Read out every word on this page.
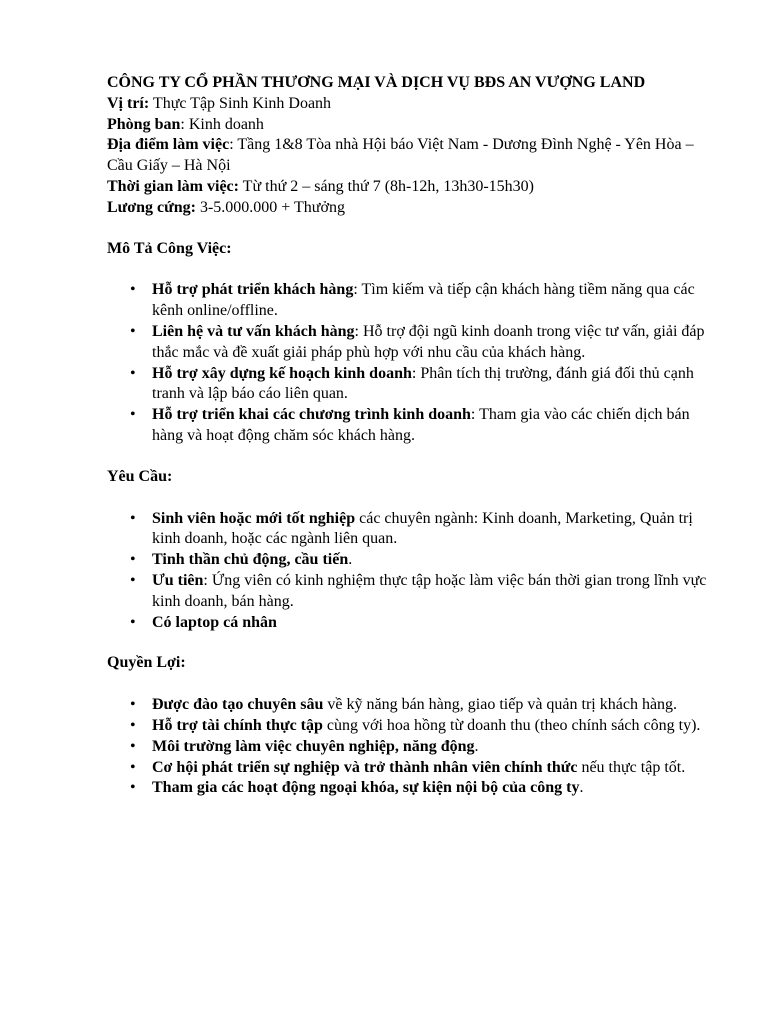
CÔNG TY CỔ PHẦN THƯƠNG MẠI VÀ DỊCH VỤ BĐS AN VƯỢNG LAND

Vị trí: Thực Tập Sinh Kinh Doanh

Phòng ban: Kinh doanh

Địa điểm làm việc: Tầng 1&8 Tòa nhà Hội báo Việt Nam - Dương Đình Nghệ - Yên Hòa – Cầu Giấy – Hà Nội

Thời gian làm việc: Từ thứ 2 – sáng thứ 7 (8h-12h, 13h30-15h30)

Lương cứng: 3-5.000.000 + Thưởng

Mô Tả Công Việc:

• Hỗ trợ phát triển khách hàng: Tìm kiếm và tiếp cận khách hàng tiềm năng qua các kênh online/offline.
• Liên hệ và tư vấn khách hàng: Hỗ trợ đội ngũ kinh doanh trong việc tư vấn, giải đáp thắc mắc và đề xuất giải pháp phù hợp với nhu cầu của khách hàng.
• Hỗ trợ xây dựng kế hoạch kinh doanh: Phân tích thị trường, đánh giá đối thủ cạnh tranh và lập báo cáo liên quan.
• Hỗ trợ triển khai các chương trình kinh doanh: Tham gia vào các chiến dịch bán hàng và hoạt động chăm sóc khách hàng.

Yêu Cầu:

• Sinh viên hoặc mới tốt nghiệp các chuyên ngành: Kinh doanh, Marketing, Quản trị kinh doanh, hoặc các ngành liên quan.
• Tinh thần chủ động, cầu tiến.
• Ưu tiên: Ứng viên có kinh nghiệm thực tập hoặc làm việc bán thời gian trong lĩnh vực kinh doanh, bán hàng.
• Có laptop cá nhân

Quyền Lợi:

• Được đào tạo chuyên sâu về kỹ năng bán hàng, giao tiếp và quản trị khách hàng.
• Hỗ trợ tài chính thực tập cùng với hoa hồng từ doanh thu (theo chính sách công ty).
• Môi trường làm việc chuyên nghiệp, năng động.
• Cơ hội phát triển sự nghiệp và trở thành nhân viên chính thức nếu thực tập tốt.
• Tham gia các hoạt động ngoại khóa, sự kiện nội bộ của công ty.
